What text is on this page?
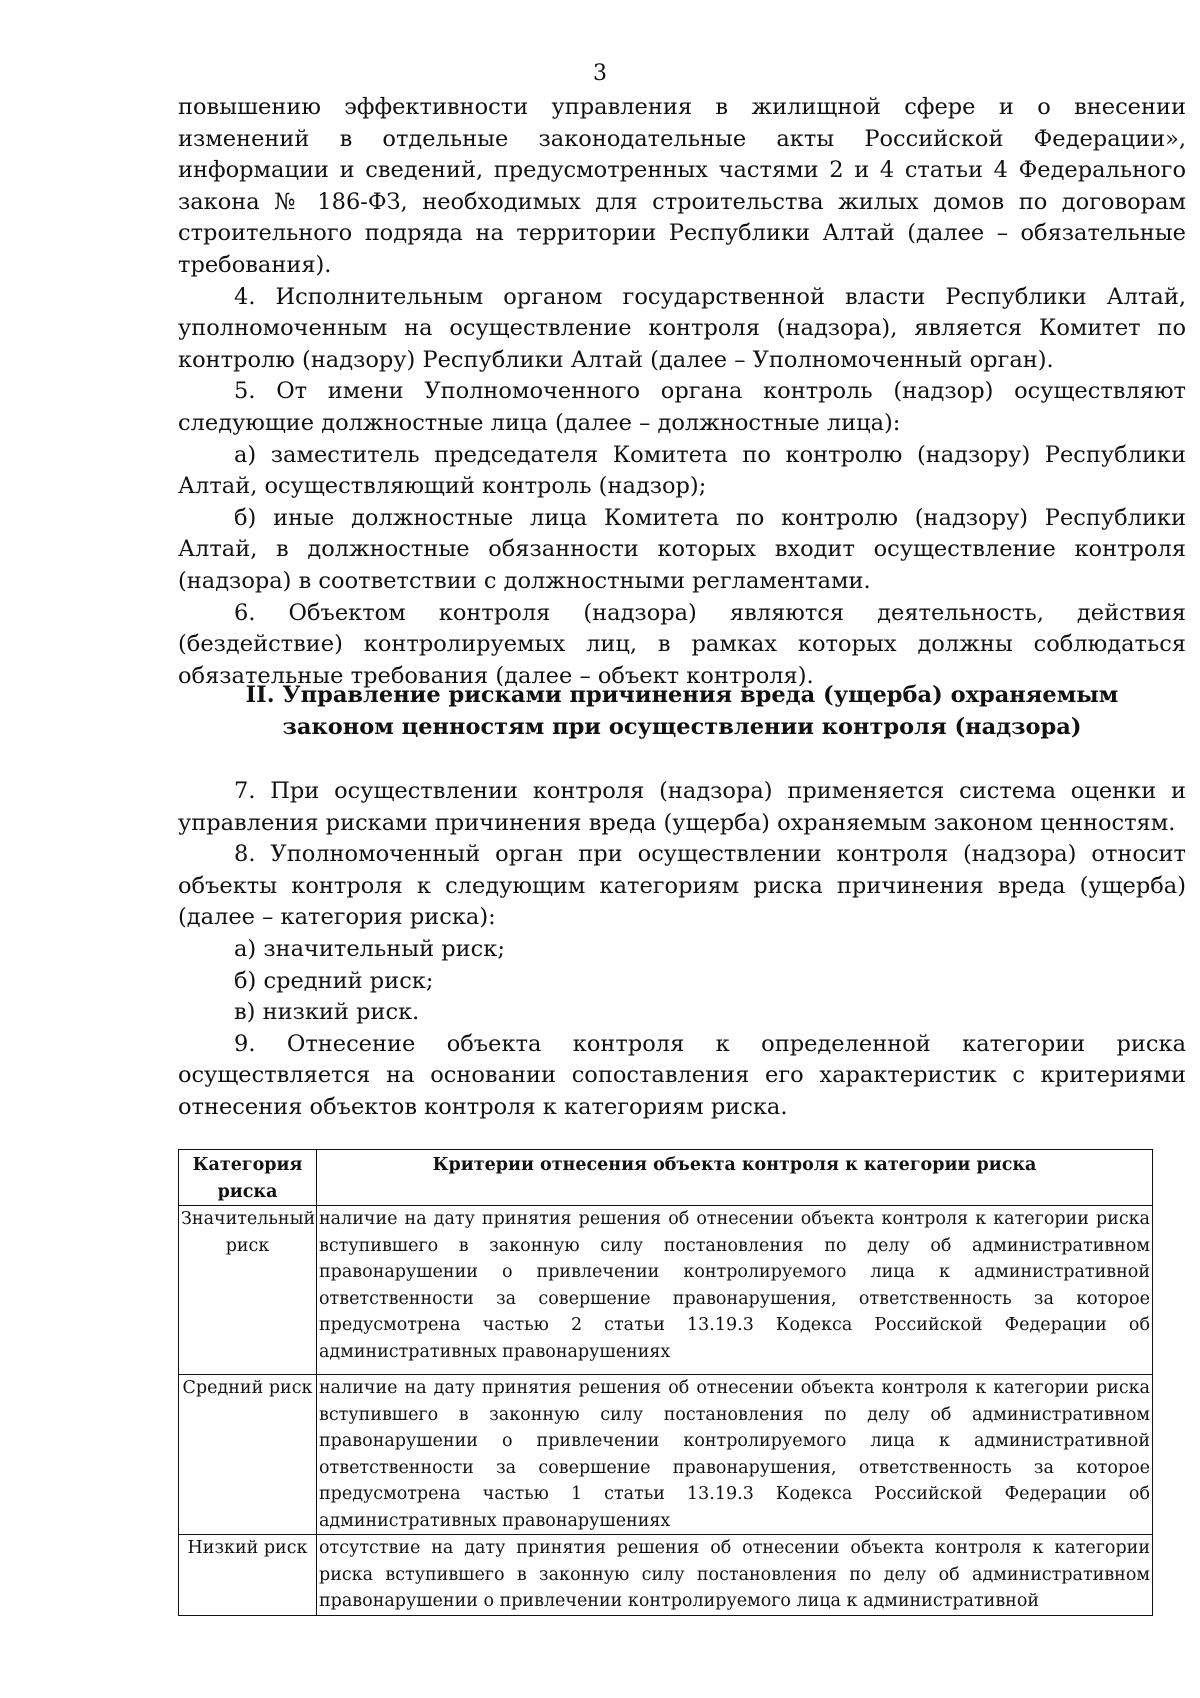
3

повышению эффективности управления в жилищной сфере и о внесении изменений в отдельные законодательные акты Российской Федерации», информации и сведений, предусмотренных частями 2 и 4 статьи 4 Федерального закона № 186-ФЗ, необходимых для строительства жилых домов по договорам строительного подряда на территории Республики Алтай (далее – обязательные требования).

4. Исполнительным органом государственной власти Республики Алтай, уполномоченным на осуществление контроля (надзора), является Комитет по контролю (надзору) Республики Алтай (далее – Уполномоченный орган).

5. От имени Уполномоченного органа контроль (надзор) осуществляют следующие должностные лица (далее – должностные лица):

а) заместитель председателя Комитета по контролю (надзору) Республики Алтай, осуществляющий контроль (надзор);

б) иные должностные лица Комитета по контролю (надзору) Республики Алтай, в должностные обязанности которых входит осуществление контроля (надзора) в соответствии с должностными регламентами.

6. Объектом контроля (надзора) являются деятельность, действия (бездействие) контролируемых лиц, в рамках которых должны соблюдаться обязательные требования (далее – объект контроля).

II. Управление рисками причинения вреда (ущерба) охраняемым
законом ценностям при осуществлении контроля (надзора)

7. При осуществлении контроля (надзора) применяется система оценки и управления рисками причинения вреда (ущерба) охраняемым законом ценностям.

8. Уполномоченный орган при осуществлении контроля (надзора) относит объекты контроля к следующим категориям риска причинения вреда (ущерба) (далее – категория риска):

а) значительный риск;

б) средний риск;

в) низкий риск.

9. Отнесение объекта контроля к определенной категории риска осуществляется на основании сопоставления его характеристик с критериями отнесения объектов контроля к категориям риска.

Категория риска	Критерии отнесения объекта контроля к категории риска
Значительный риск	наличие на дату принятия решения об отнесении объекта контроля к категории риска вступившего в законную силу постановления по делу об административном правонарушении о привлечении контролируемого лица к административной ответственности за совершение правонарушения, ответственность за которое предусмотрена частью 2 статьи 13.19.3 Кодекса Российской Федерации об административных правонарушениях
Средний риск	наличие на дату принятия решения об отнесении объекта контроля к категории риска вступившего в законную силу постановления по делу об административном правонарушении о привлечении контролируемого лица к административной ответственности за совершение правонарушения, ответственность за которое предусмотрена частью 1 статьи 13.19.3 Кодекса Российской Федерации об административных правонарушениях
Низкий риск	отсутствие на дату принятия решения об отнесении объекта контроля к категории риска вступившего в законную силу постановления по делу об административном правонарушении о привлечении контролируемого лица к административной
